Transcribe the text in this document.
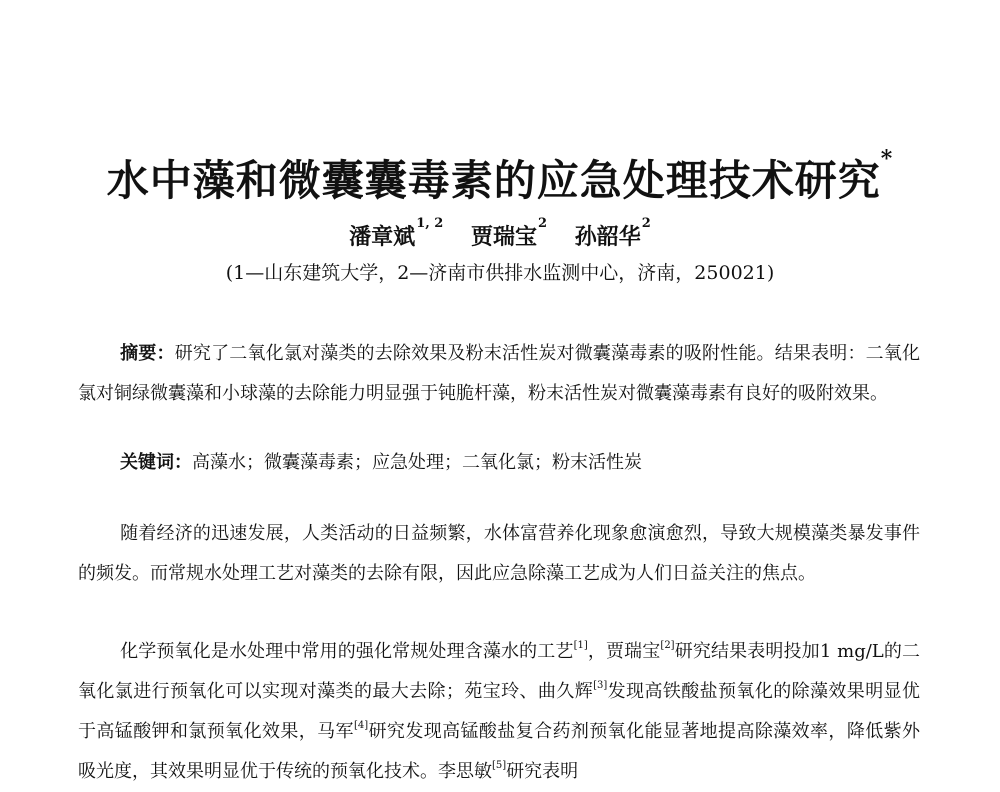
水中藻和微囊囊毒素的应急处理技术研究*
潘章斌$^{1, 2}$ 贾瑞宝$^2$ 孙韶华$^2$
(1—山东建筑大学，2—济南市供排水监测中心，济南，250021)
摘要：研究了二氧化氯对藻类的去除效果及粉末活性炭对微囊藻毒素的吸附性能。结果表明：二氧化氯对铜绿微囊藻和小球藻的去除能力明显强于钝脆杆藻，粉末活性炭对微囊藻毒素有良好的吸附效果。
关键词：高藻水；微囊藻毒素；应急处理；二氧化氯；粉末活性炭
随着经济的迅速发展，人类活动的日益频繁，水体富营养化现象愈演愈烈，导致大规模藻类暴发事件的频发。而常规水处理工艺对藻类的去除有限，因此应急除藻工艺成为人们日益关注的焦点。
化学预氧化是水处理中常用的强化常规处理含藻水的工艺[1]，贾瑞宝[2]研究结果表明投加1 mg/L的二氧化氯进行预氧化可以实现对藻类的最大去除；苑宝玲、曲久辉[3]发现高铁酸盐预氧化的除藻效果明显优于高锰酸钾和氯预氧化效果，马军[4]研究发现高锰酸盐复合药剂预氧化能显著地提高除藻效率，降低紫外吸光度，其效果明显优于传统的预氧化技术。李思敏[5]研究表明
